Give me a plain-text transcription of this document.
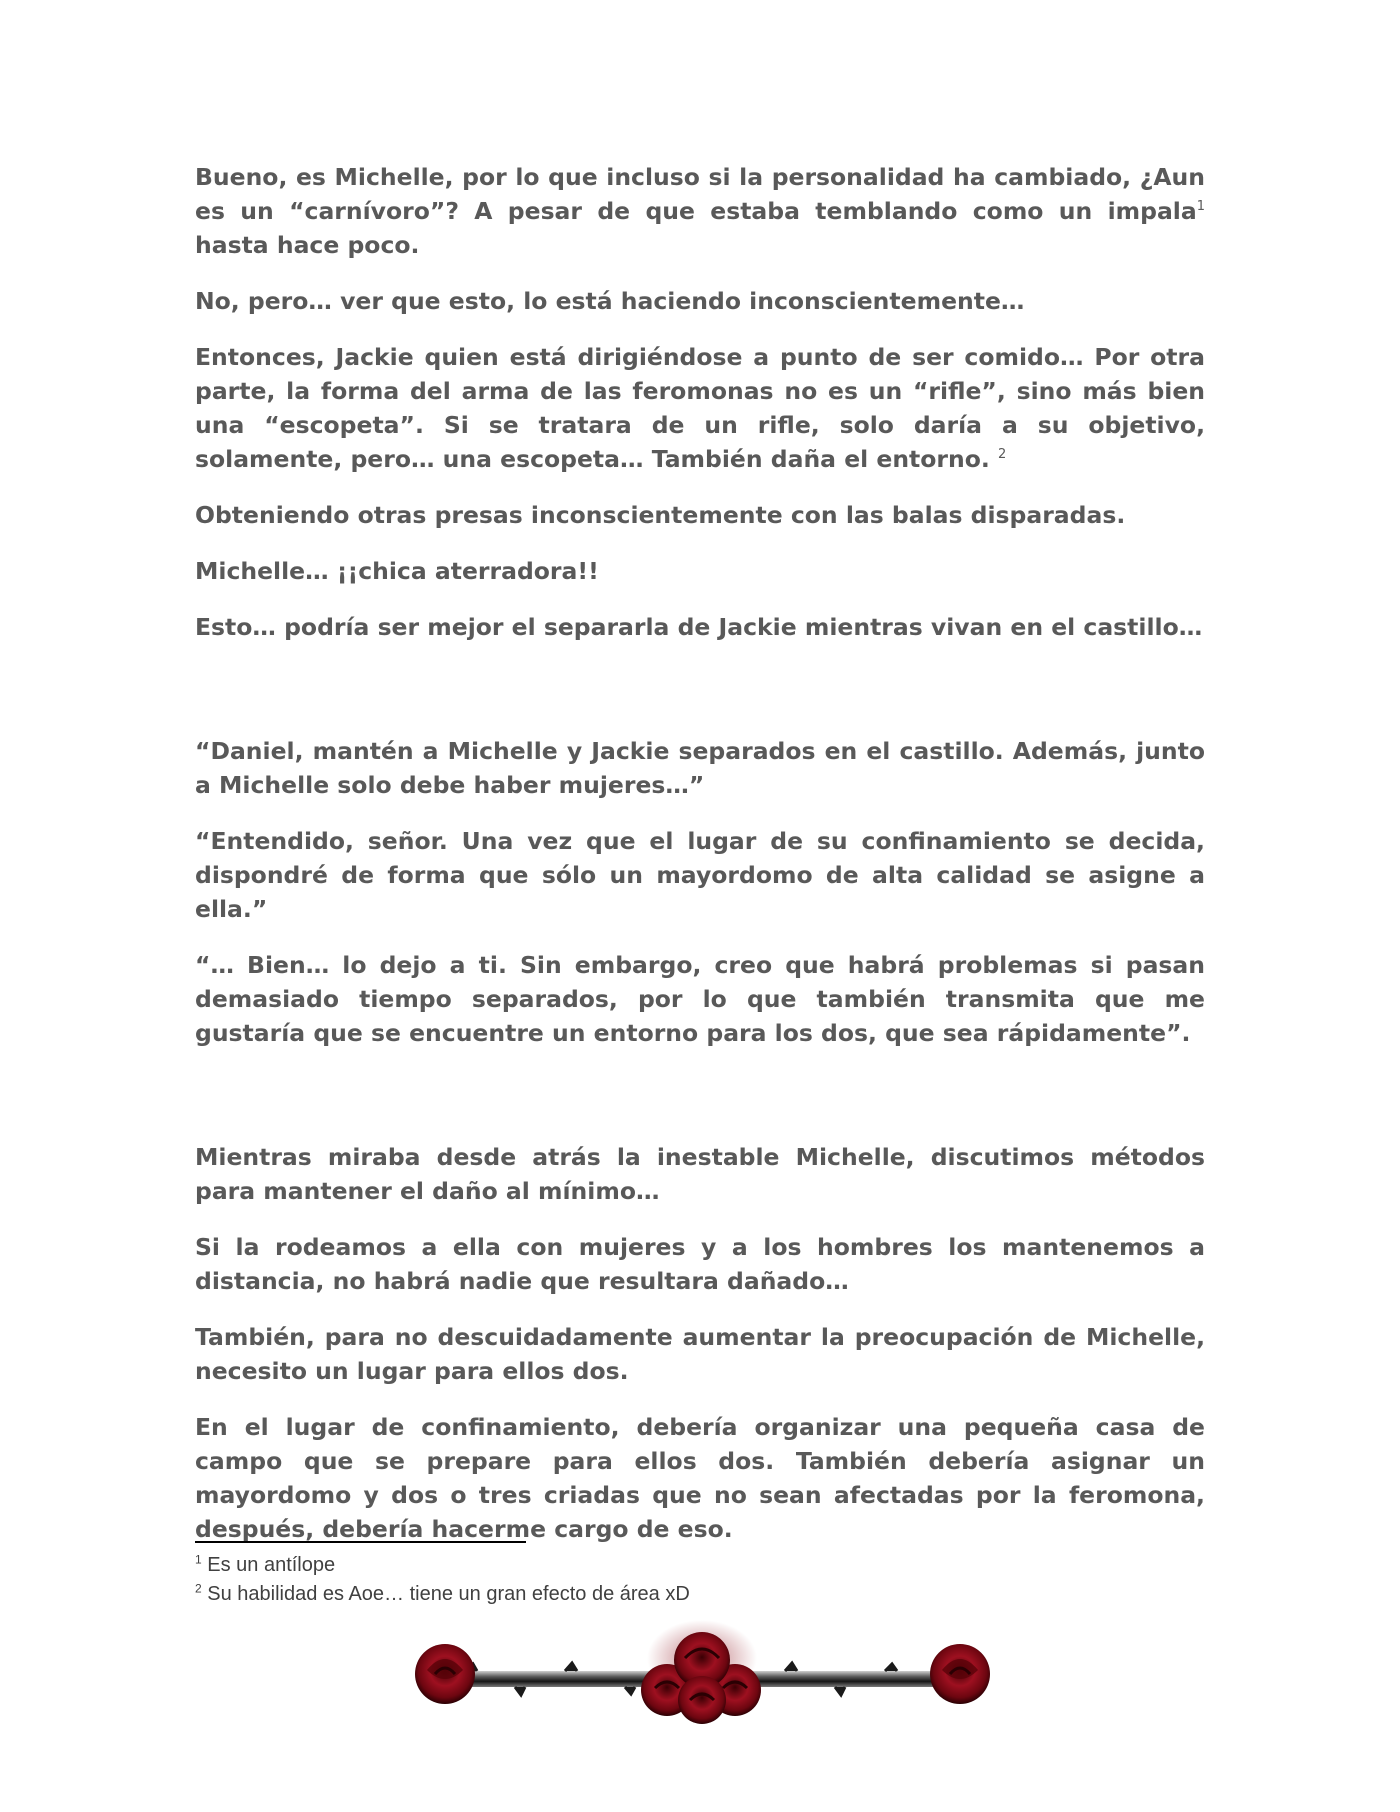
Bueno, es Michelle, por lo que incluso si la personalidad ha cambiado, ¿Aun es un “carnívoro”? A pesar de que estaba temblando como un impala$^1$ hasta hace poco.

No, pero… ver que esto, lo está haciendo inconscientemente…

Entonces, Jackie quien está dirigiéndose a punto de ser comido… Por otra parte, la forma del arma de las feromonas no es un “rifle”, sino más bien una “escopeta”. Si se tratara de un rifle, solo daría a su objetivo, solamente, pero… una escopeta… También daña el entorno. $^2$

Obteniendo otras presas inconscientemente con las balas disparadas.

Michelle… ¡¡chica aterradora!!

Esto… podría ser mejor el separarla de Jackie mientras vivan en el castillo…

“Daniel, mantén a Michelle y Jackie separados en el castillo. Además, junto a Michelle solo debe haber mujeres…”

“Entendido, señor. Una vez que el lugar de su confinamiento se decida, dispondré de forma que sólo un mayordomo de alta calidad se asigne a ella.”

“… Bien… lo dejo a ti. Sin embargo, creo que habrá problemas si pasan demasiado tiempo separados, por lo que también transmita que me gustaría que se encuentre un entorno para los dos, que sea rápidamente”.

Mientras miraba desde atrás la inestable Michelle, discutimos métodos para mantener el daño al mínimo…

Si la rodeamos a ella con mujeres y a los hombres los mantenemos a distancia, no habrá nadie que resultara dañado…

También, para no descuidadamente aumentar la preocupación de Michelle, necesito un lugar para ellos dos.

En el lugar de confinamiento, debería organizar una pequeña casa de campo que se prepare para ellos dos. También debería asignar un mayordomo y dos o tres criadas que no sean afectadas por la feromona, después, debería hacerme cargo de eso.

$^1$ Es un antílope
$^2$ Su habilidad es Aoe… tiene un gran efecto de área xD
